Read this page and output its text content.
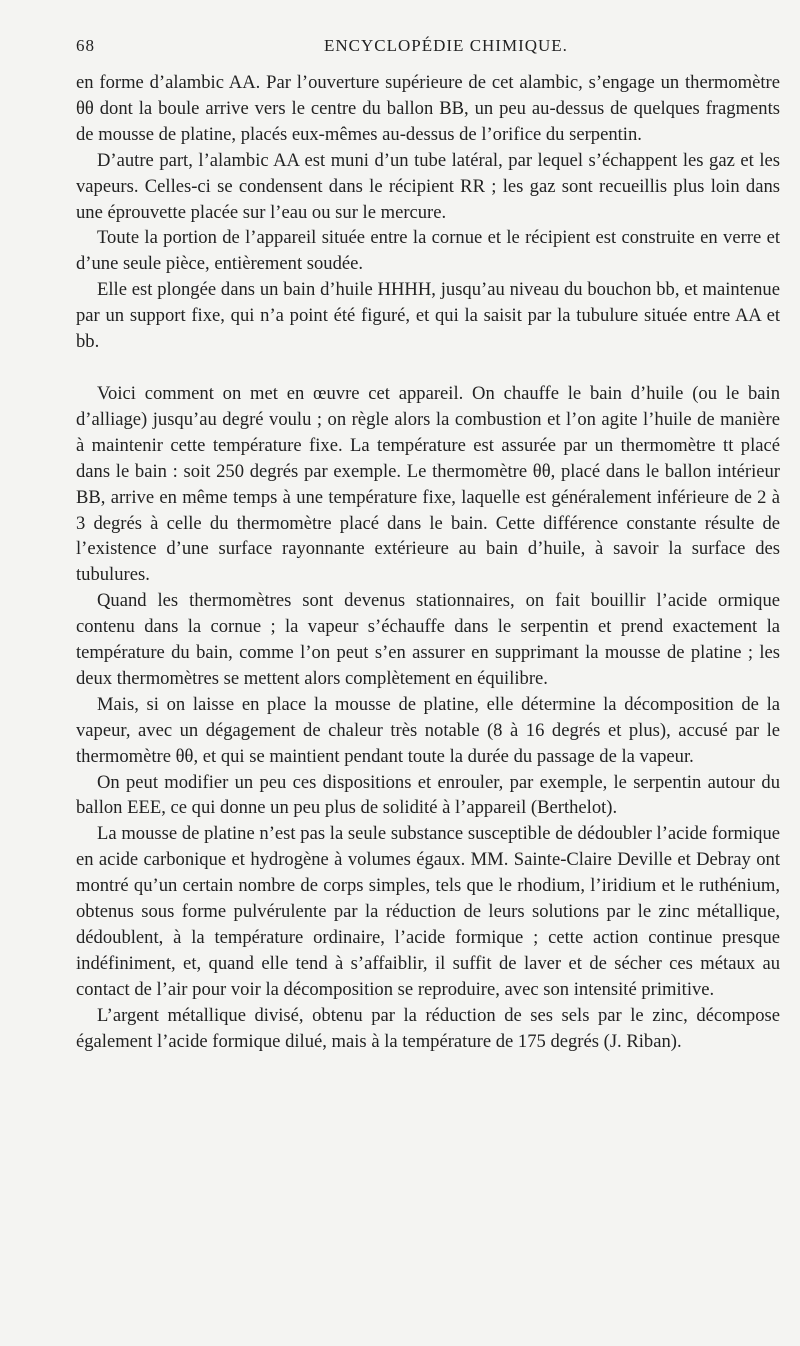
68	ENCYCLOPÉDIE CHIMIQUE.

en forme d’alambic AA. Par l’ouverture supérieure de cet alambic, s’engage un thermomètre θθ dont la boule arrive vers le centre du ballon BB, un peu au-dessus de quelques fragments de mousse de platine, placés eux-mêmes au-dessus de l’orifice du serpentin.

D’autre part, l’alambic AA est muni d’un tube latéral, par lequel s’échappent les gaz et les vapeurs. Celles-ci se condensent dans le récipient RR ; les gaz sont recueillis plus loin dans une éprouvette placée sur l’eau ou sur le mercure.

Toute la portion de l’appareil située entre la cornue et le récipient est construite en verre et d’une seule pièce, entièrement soudée.

Elle est plongée dans un bain d’huile HHHH, jusqu’au niveau du bouchon bb, et maintenue par un support fixe, qui n’a point été figuré, et qui la saisit par la tubulure située entre AA et bb.

Voici comment on met en œuvre cet appareil. On chauffe le bain d’huile (ou le bain d’alliage) jusqu’au degré voulu ; on règle alors la combustion et l’on agite l’huile de manière à maintenir cette température fixe. La température est assurée par un thermomètre tt placé dans le bain : soit 250 degrés par exemple. Le thermomètre θθ, placé dans le ballon intérieur BB, arrive en même temps à une température fixe, laquelle est généralement inférieure de 2 à 3 degrés à celle du thermomètre placé dans le bain. Cette différence constante résulte de l’existence d’une surface rayonnante extérieure au bain d’huile, à savoir la surface des tubulures.

Quand les thermomètres sont devenus stationnaires, on fait bouillir l’acide ormique contenu dans la cornue ; la vapeur s’échauffe dans le serpentin et prend exactement la température du bain, comme l’on peut s’en assurer en supprimant la mousse de platine ; les deux thermomètres se mettent alors complètement en équilibre.

Mais, si on laisse en place la mousse de platine, elle détermine la décomposition de la vapeur, avec un dégagement de chaleur très notable (8 à 16 degrés et plus), accusé par le thermomètre θθ, et qui se maintient pendant toute la durée du passage de la vapeur.

On peut modifier un peu ces dispositions et enrouler, par exemple, le serpentin autour du ballon EEE, ce qui donne un peu plus de solidité à l’appareil (Berthelot).

La mousse de platine n’est pas la seule substance susceptible de dédoubler l’acide formique en acide carbonique et hydrogène à volumes égaux. MM. Sainte-Claire Deville et Debray ont montré qu’un certain nombre de corps simples, tels que le rhodium, l’iridium et le ruthénium, obtenus sous forme pulvérulente par la réduction de leurs solutions par le zinc métallique, dédoublent, à la température ordinaire, l’acide formique ; cette action continue presque indéfiniment, et, quand elle tend à s’affaiblir, il suffit de laver et de sécher ces métaux au contact de l’air pour voir la décomposition se reproduire, avec son intensité primitive.

L’argent métallique divisé, obtenu par la réduction de ses sels par le zinc, décompose également l’acide formique dilué, mais à la température de 175 degrés (J. Riban).
